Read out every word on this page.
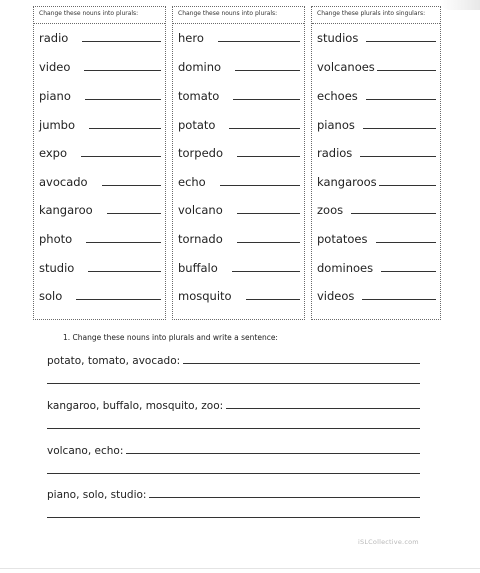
Change these nouns into plurals:
radio
video
piano
jumbo
expo
avocado
kangaroo
photo
studio
solo
Change these nouns into plurals:
hero
domino
tomato
potato
torpedo
echo
volcano
tornado
buffalo
mosquito
Change these plurals into singulars:
studios
volcanoes
echoes
pianos
radios
kangaroos
zoos
potatoes
dominoes
videos
1. Change these nouns into plurals and write a sentence:
potato, tomato, avocado:
kangaroo, buffalo, mosquito, zoo:
volcano, echo:
piano, solo, studio:
iSLCollective.com
